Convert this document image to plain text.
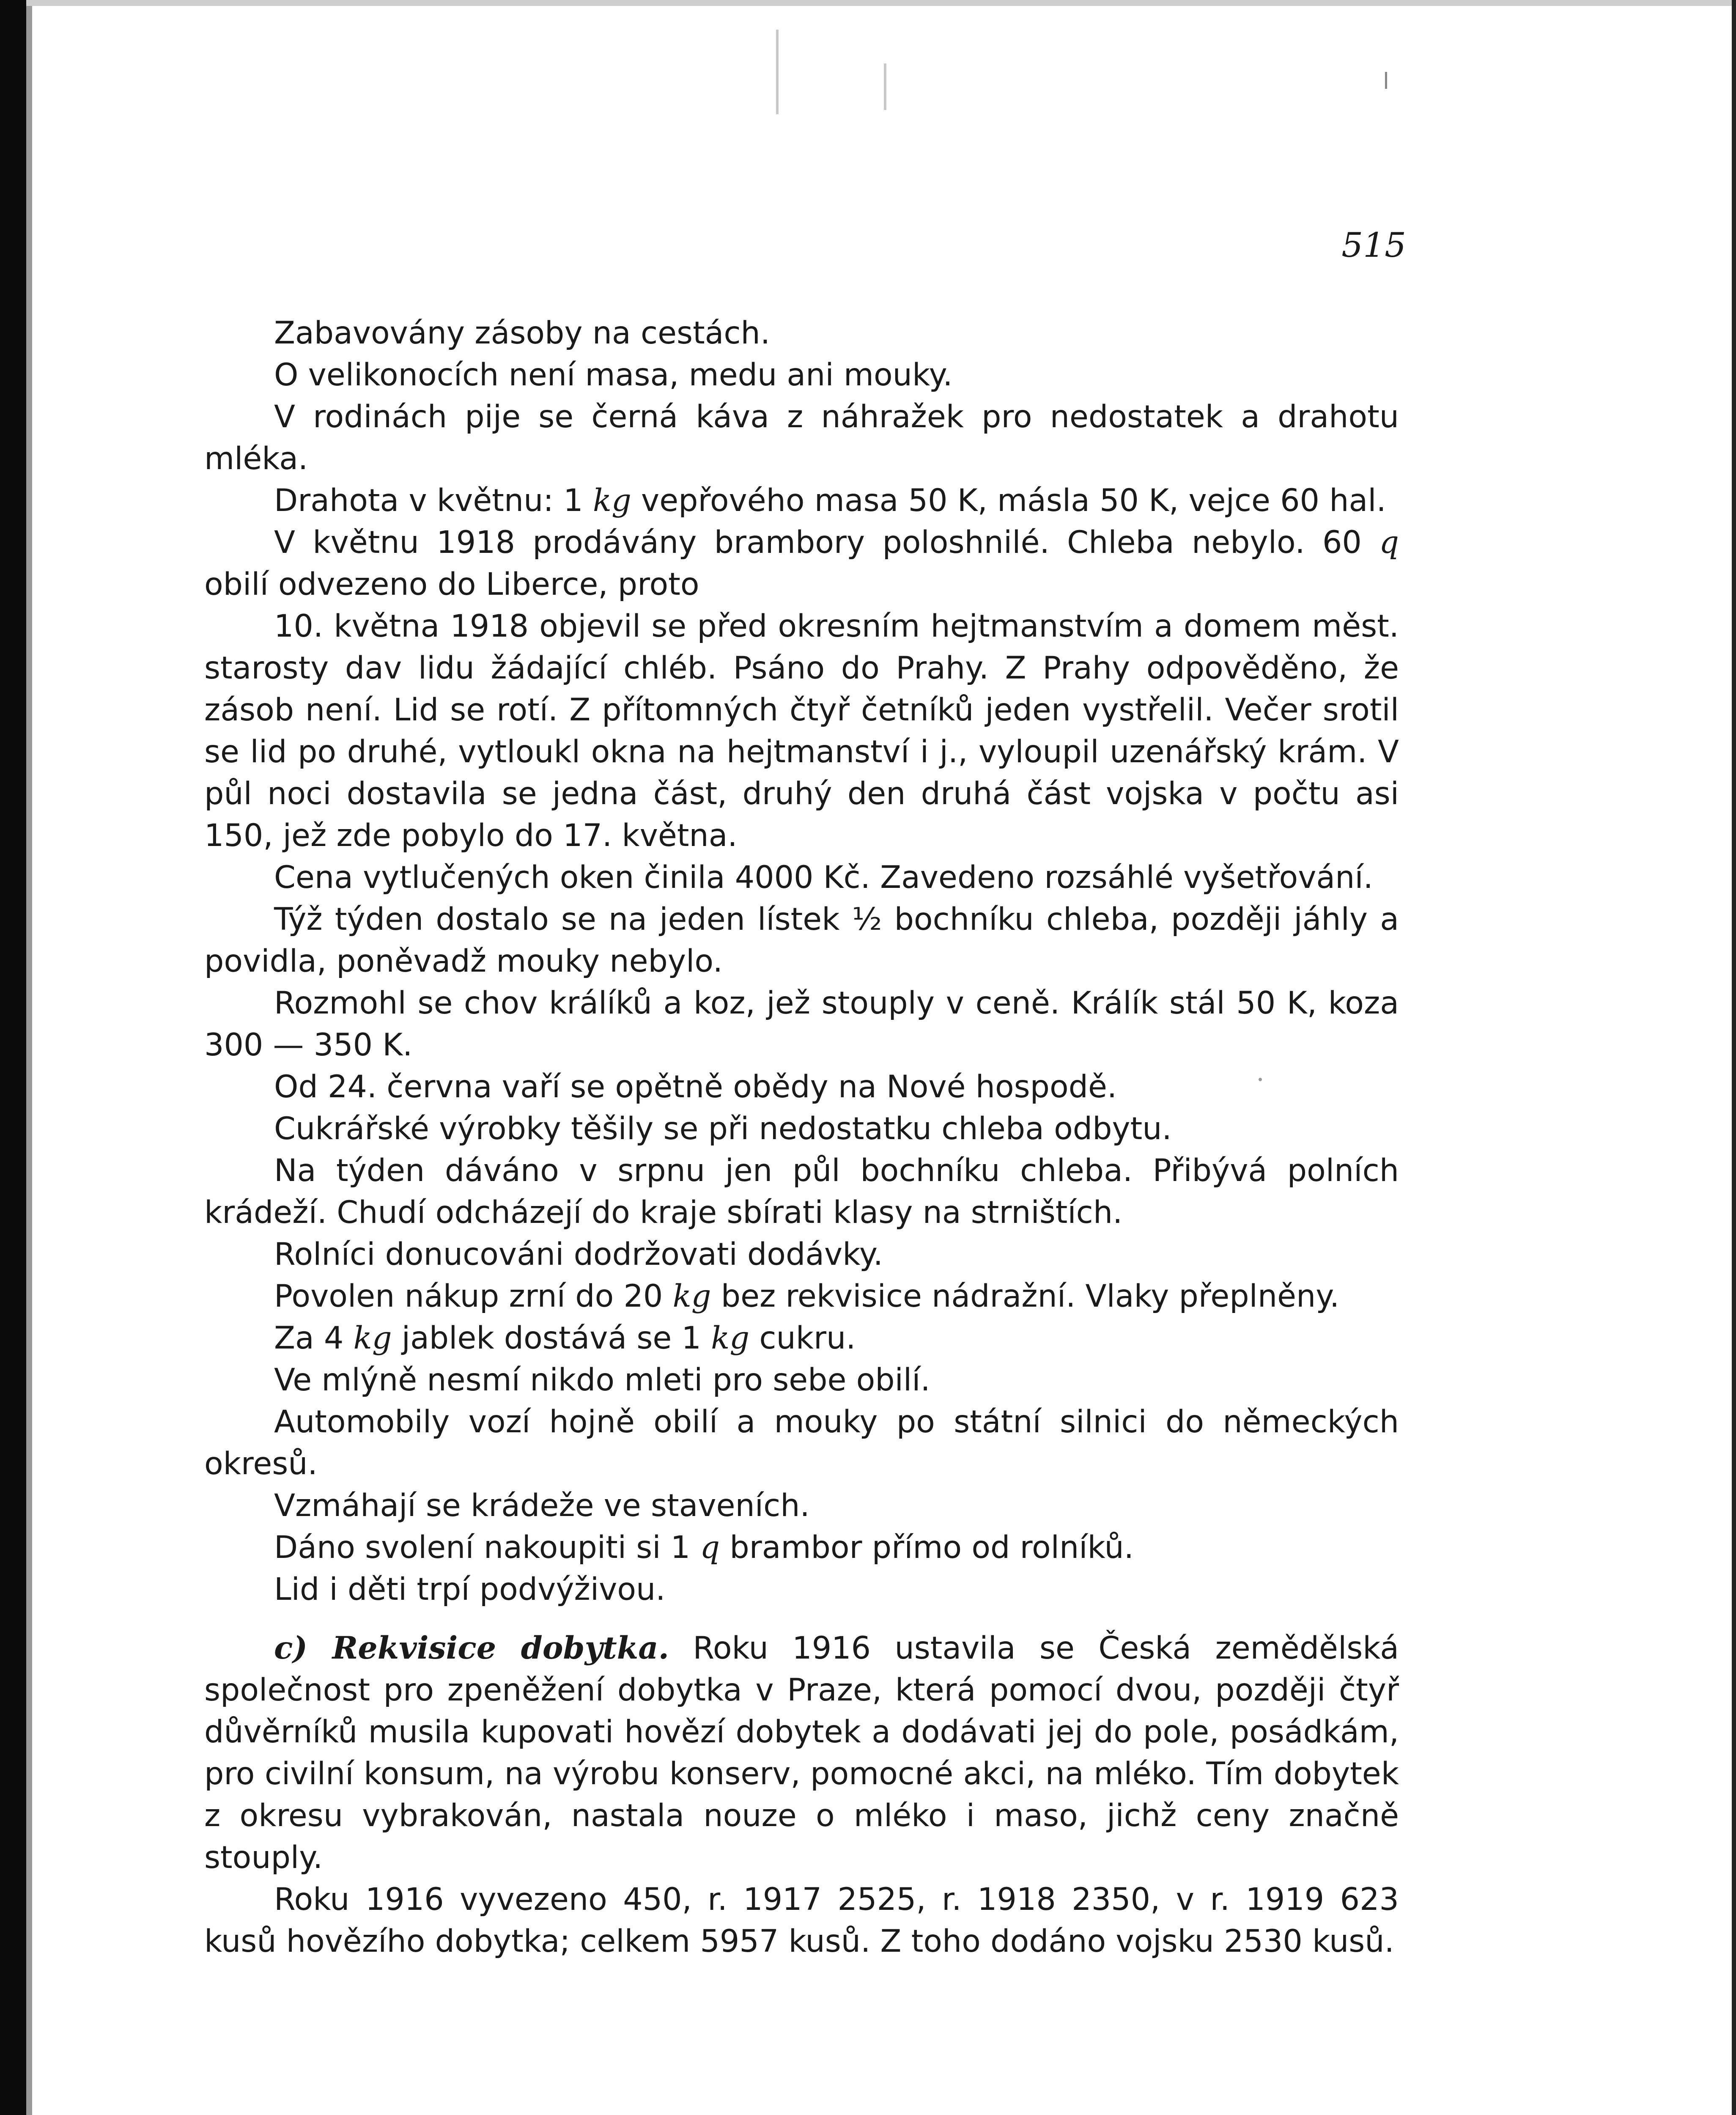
515

Zabavovány zásoby na cestách.

O velikonocích není masa, medu ani mouky.

V rodinách pije se černá káva z náhražek pro nedostatek a drahotu mléka.

Drahota v květnu: 1 kg vepřového masa 50 K, másla 50 K, vejce 60 hal.

V květnu 1918 prodávány brambory poloshnilé. Chleba nebylo. 60 q obilí odvezeno do Liberce, proto

10. května 1918 objevil se před okresním hejtmanstvím a domem měst. starosty dav lidu žádající chléb. Psáno do Prahy. Z Prahy odpověděno, že zásob není. Lid se rotí. Z přítomných čtyř četníků jeden vystřelil. Večer srotil se lid po druhé, vytloukl okna na hejtmanství i j., vyloupil uzenářský krám. V půl noci dostavila se jedna část, druhý den druhá část vojska v počtu asi 150, jež zde pobylo do 17. května.

Cena vytlučených oken činila 4000 Kč. Zavedeno rozsáhlé vyšetřování.

Týž týden dostalo se na jeden lístek ½ bochníku chleba, později jáhly a povidla, poněvadž mouky nebylo.

Rozmohl se chov králíků a koz, jež stouply v ceně. Králík stál 50 K, koza 300 — 350 K.

Od 24. června vaří se opětně obědy na Nové hospodě.

Cukrářské výrobky těšily se při nedostatku chleba odbytu.

Na týden dáváno v srpnu jen půl bochníku chleba. Přibývá polních krádeží. Chudí odcházejí do kraje sbírati klasy na strništích.

Rolníci donucováni dodržovati dodávky.

Povolen nákup zrní do 20 kg bez rekvisice nádražní. Vlaky přeplněny.

Za 4 kg jablek dostává se 1 kg cukru.

Ve mlýně nesmí nikdo mleti pro sebe obilí.

Automobily vozí hojně obilí a mouky po státní silnici do německých okresů.

Vzmáhají se krádeže ve staveních.

Dáno svolení nakoupiti si 1 q brambor přímo od rolníků.

Lid i děti trpí podvýživou.

c) Rekvisice dobytka. Roku 1916 ustavila se Česká zemědělská společnost pro zpeněžení dobytka v Praze, která pomocí dvou, později čtyř důvěrníků musila kupovati hovězí dobytek a dodávati jej do pole, posádkám, pro civilní konsum, na výrobu konserv, pomocné akci, na mléko. Tím dobytek z okresu vybrakován, nastala nouze o mléko i maso, jichž ceny značně stouply.

Roku 1916 vyvezeno 450, r. 1917 2525, r. 1918 2350, v r. 1919 623 kusů hovězího dobytka; celkem 5957 kusů. Z toho dodáno vojsku 2530 kusů.
